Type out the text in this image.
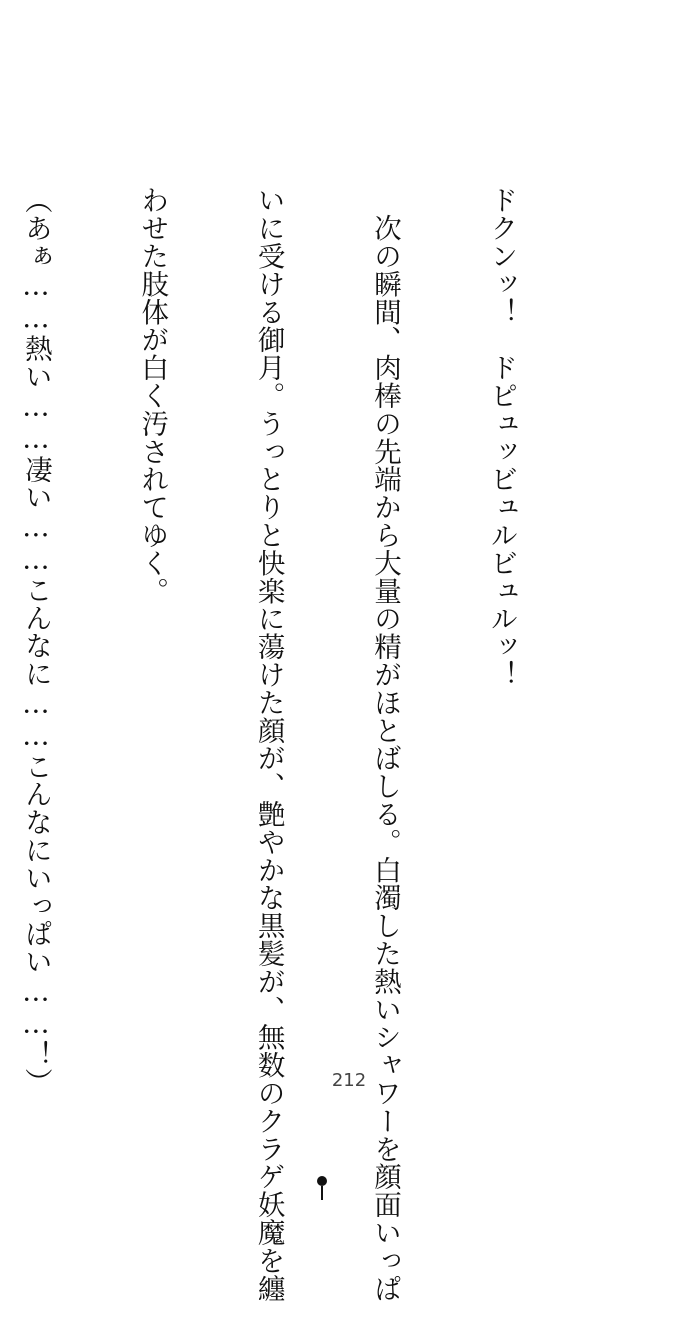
ドクンッ！　ドピュッビュルビュルッ！

　次の瞬間、肉棒の先端から大量の精がほとばしる。白濁した熱いシャワーを顔面いっぱ

いに受ける御月。うっとりと快楽に蕩けた顔が、艶やかな黒髪が、無数のクラゲ妖魔を纏

わせた肢体が白く汚されてゆく。

（あぁ……熱い……凄い……こんなに……こんなにいっぱい……！）

	212
